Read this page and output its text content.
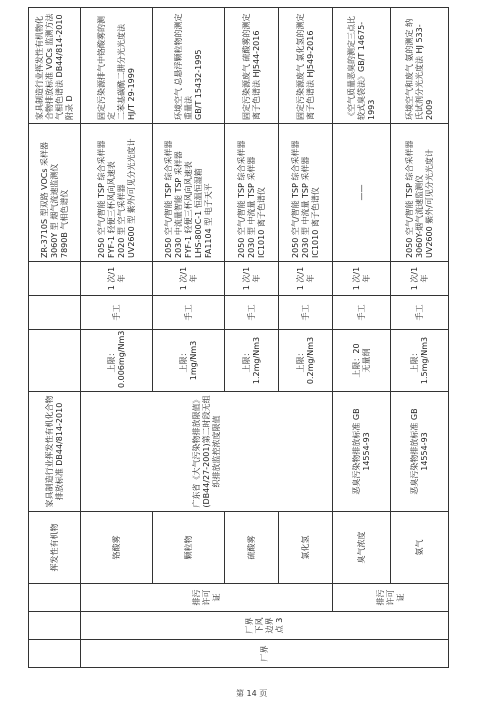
			挥发性有机物	家具制造行业挥发性有机化合物排放标准 DB44/814-2010				ZR-3710S 型双路 VOCs 采样器
3060Y 型 烟气流速监测仪
7890B 气相色谱仪	家具制造行业挥发性有机物化合物排放标准 VOCs 监测方法 气相色谱法 DB44/814-2010 附录 D

厂界	厂界下风边界点 3	排污许可证	铬酸雾	广东省《大气污染物排放限值》(DB44/27-2001)第二时段无组织排放监控浓度限值	上限：
0.006mg/Nm3	手工	1 次/1 年	2050 空气/智能 TSP 综合采样器
FYF-1 轻便三杯风向风速表
2020 型 空气采样器
UV2600 型 紫外/可见分光光度计	固定污染源排气中铬酸雾的测定
二苯基碳酰二肼分光光度法 HJ/T 29-1999

			颗粒物		上限：
1mg/Nm3	手工	1 次/1 年	2050 空气/智能 TSP 综合采样器
2030 中流量智能 TSP 采样器
FYF-1 轻便三杯风向风速表
LHS-800C-1 恒温恒湿箱
FA1104 型 电子天平	环境空气 总悬浮颗粒物的测定 重量法
GB/T 15432-1995

			硫酸雾		上限：
1.2mg/Nm3	手工	1 次/1 年	2050 空气/智能 TSP 综合采样器
2030 型 中流量 TSP 采样器
IC1010 离子色谱仪	固定污染源废气 硫酸雾的测定 离子色谱法 HJ544-2016

			氯化氢		上限：
0.2mg/Nm3	手工	1 次/1 年	2050 空气/智能 TSP 综合采样器
2030 型 中流量 TSP 采样器
IC1010 离子色谱仪	固定污染源废气 氯化氢的测定 离子色谱法 HJ549-2016

		排污许可证	臭气浓度	恶臭污染物排放标准 GB 14554-93	上限：20
无量纲	手工	1 次/1 年	——	《空气质量恶臭的测定三点比较式臭袋法》GB/T 14675-1993

			氨气	恶臭污染物排放标准 GB 14554-93	上限：
1.5mg/Nm3	手工	1 次/1 年	2050 空气/智能 TSP 综合采样器 3060Y-烟气流速监测仪
UV2600 紫外/可见分光光度计	环境空气和废气 氨的测定 纳氏试剂分光光度法 HJ 533-2009
第 14 页
